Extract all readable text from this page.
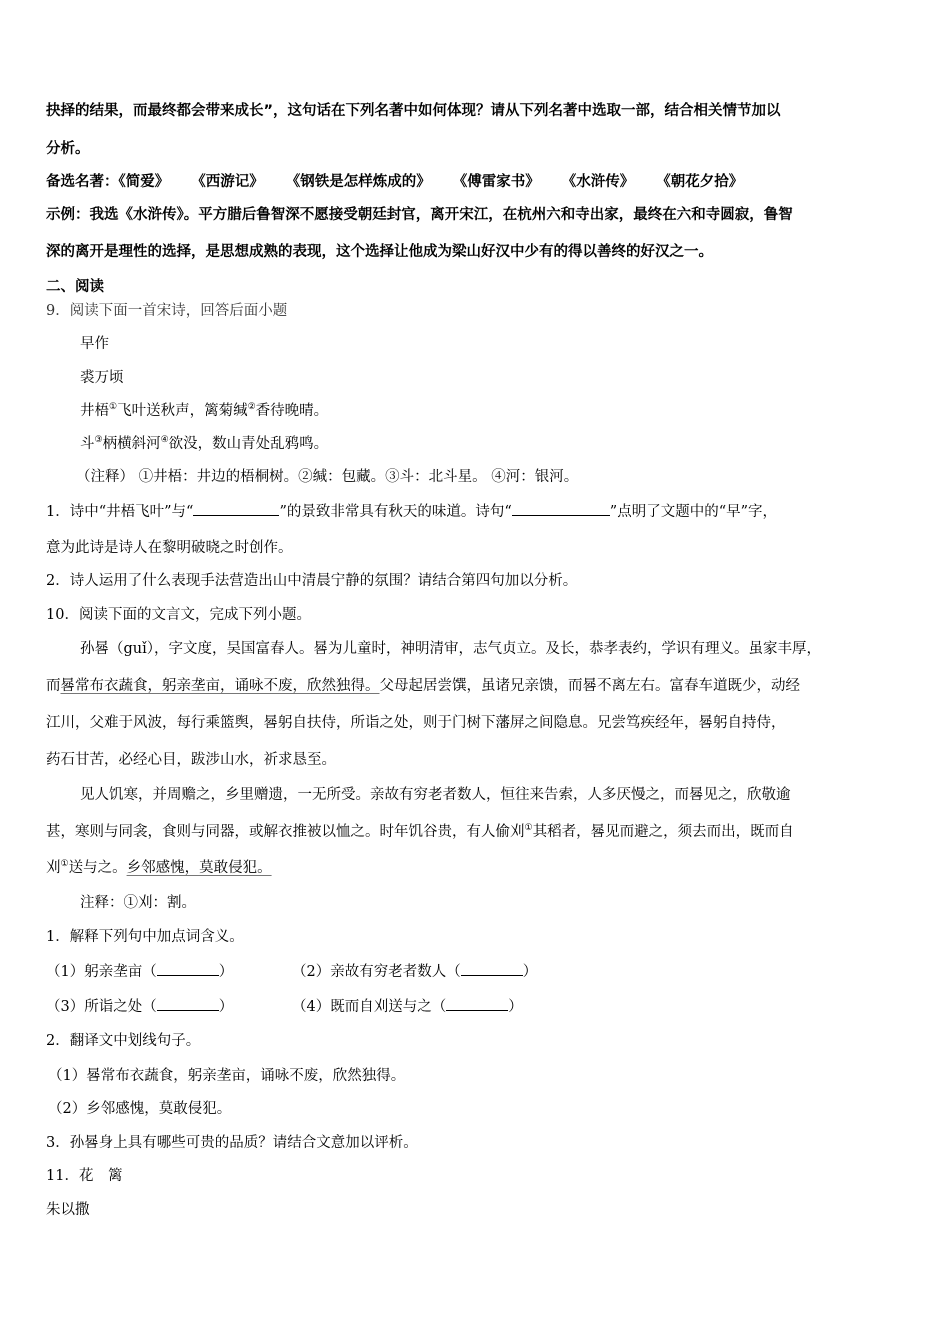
抉择的结果，而最终都会带来成长”，这句话在下列名著中如何体现？请从下列名著中选取一部，结合相关情节加以
分析。
备选名著：《简爱》 《西游记》 《钢铁是怎样炼成的》 《傅雷家书》 《水浒传》 《朝花夕拾》
示例：我选《水浒传》。平方腊后鲁智深不愿接受朝廷封官，离开宋江，在杭州六和寺出家，最终在六和寺圆寂，鲁智
深的离开是理性的选择，是思想成熟的表现，这个选择让他成为梁山好汉中少有的得以善终的好汉之一。
二、阅读
9．阅读下面一首宋诗，回答后面小题
早作
裘万顷
井梧①飞叶送秋声，篱菊缄②香待晚晴。
斗③柄横斜河④欲没，数山青处乱鸦鸣。
（注释） ①井梧：井边的梧桐树。②缄：包藏。③斗：北斗星。 ④河：银河。
1．诗中“井梧飞叶”与“	”的景致非常具有秋天的味道。诗句“	”点明了文题中的“早”字，
意为此诗是诗人在黎明破晓之时创作。
2．诗人运用了什么表现手法营造出山中清晨宁静的氛围？请结合第四句加以分析。
10．阅读下面的文言文，完成下列小题。
孙晷（guǐ），字文度，吴国富春人。晷为儿童时，神明清审，志气贞立。及长，恭孝表约，学识有理义。虽家丰厚，
而晷常布衣蔬食，躬亲垄亩，诵咏不废，欣然独得。父母起居尝馔，虽诸兄亲馈，而晷不离左右。富春车道既少，动经
江川，父难于风波，每行乘篮舆，晷躬自扶侍，所诣之处，则于门树下藩屏之间隐息。兄尝笃疾经年，晷躬自持侍，
药石甘苦，必经心目，跋涉山水，祈求恳至。
见人饥寒，并周赡之，乡里赠遗，一无所受。亲故有穷老者数人，恒往来告索，人多厌慢之，而晷见之，欣敬逾
甚，寒则与同衾，食则与同器，或解衣推被以恤之。时年饥谷贵，有人偷刈①其稻者，晷见而避之，须去而出，既而自
刈①送与之。乡邻感愧，莫敢侵犯。
注释：①刈：割。
1．解释下列句中加点词含义。
（1）躬亲垄亩（	）	（2）亲故有穷老者数人（	）
（3）所诣之处（	）	（4）既而自刈送与之（	）
2．翻译文中划线句子。
（1）晷常布衣蔬食，躬亲垄亩，诵咏不废，欣然独得。
（2）乡邻感愧，莫敢侵犯。
3．孙晷身上具有哪些可贵的品质？请结合文意加以评析。
11．花　篱
朱以撒
